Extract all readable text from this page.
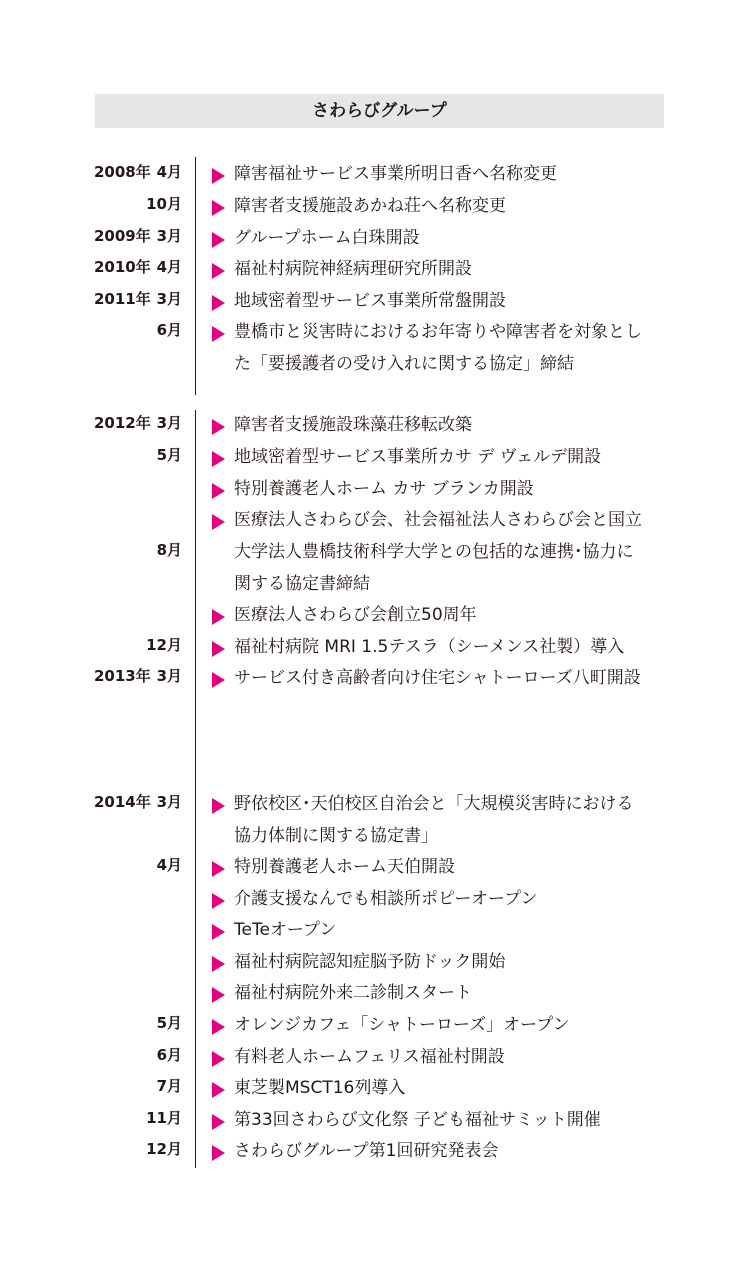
さわらびグループ
2008年 4月
10月
2009年 3月
2010年 4月
2011年 3月
6月
2012年 3月
5月
8月
12月
2013年 3月
2014年 3月
4月
5月
6月
7月
11月
12月
障害福祉サービス事業所明日香へ名称変更
障害者支援施設あかね荘へ名称変更
グループホーム白珠開設
福祉村病院神経病理研究所開設
地域密着型サービス事業所常盤開設
豊橋市と災害時におけるお年寄りや障害者を対象とし
た「要援護者の受け入れに関する協定」締結
障害者支援施設珠藻荘移転改築
地域密着型サービス事業所カサ デ ヴェルデ開設
特別養護老人ホーム カサ ブランカ開設
医療法人さわらび会、社会福祉法人さわらび会と国立
大学法人豊橋技術科学大学との包括的な連携･協力に
関する協定書締結
医療法人さわらび会創立50周年
福祉村病院 MRI 1.5テスラ（シーメンス社製）導入
サービス付き高齢者向け住宅シャトーローズ八町開設
野依校区･天伯校区自治会と「大規模災害時における
協力体制に関する協定書」
特別養護老人ホーム天伯開設
介護支援なんでも相談所ポピーオープン
TeTeオープン
福祉村病院認知症脳予防ドック開始
福祉村病院外来二診制スタート
オレンジカフェ「シャトーローズ」オープン
有料老人ホームフェリス福祉村開設
東芝製MSCT16列導入
第33回さわらび文化祭 子ども福祉サミット開催
さわらびグループ第1回研究発表会
